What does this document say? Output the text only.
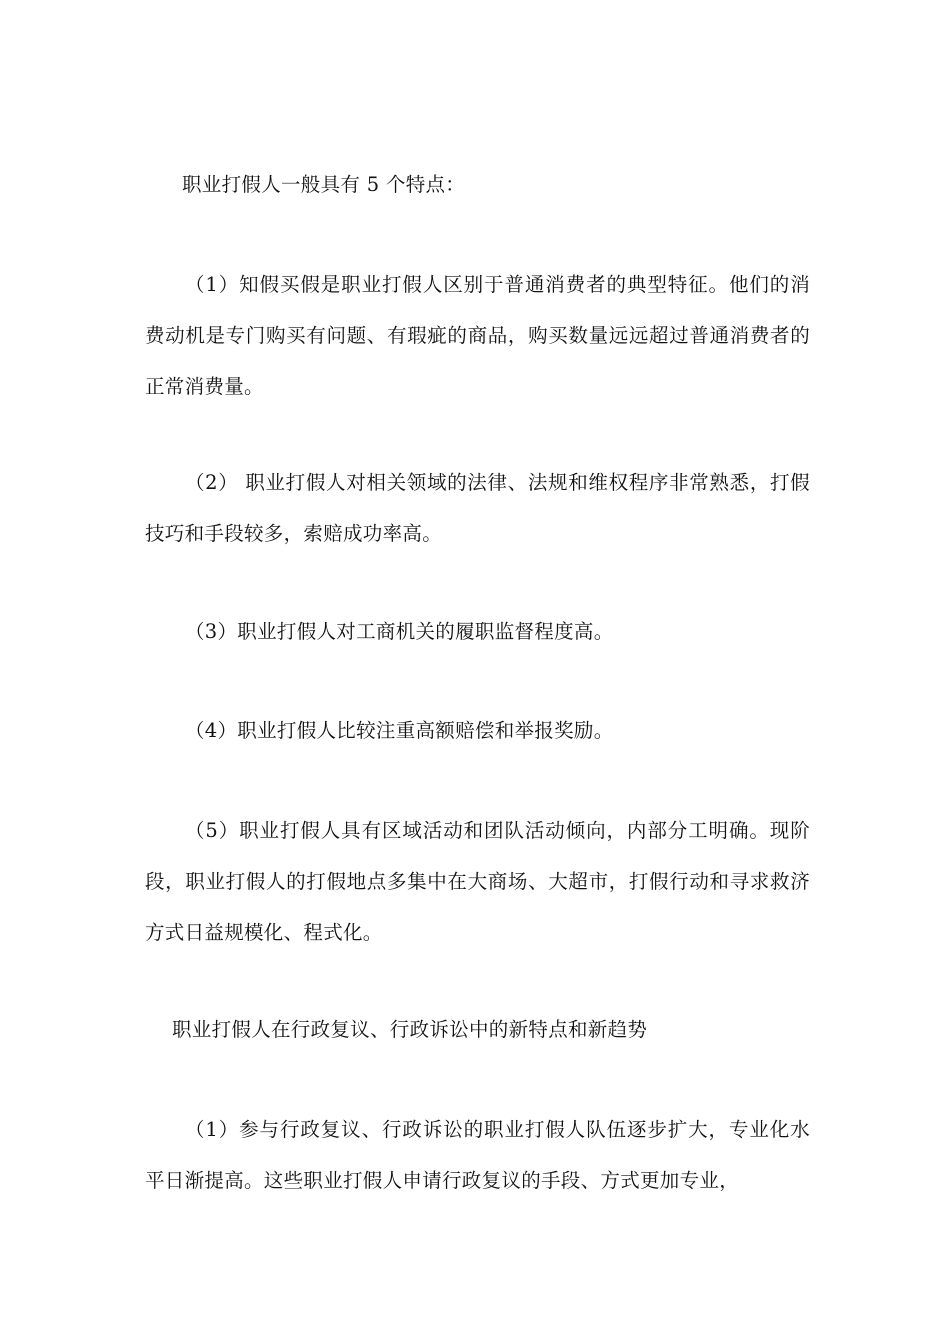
职业打假人一般具有 5 个特点：

（1）知假买假是职业打假人区别于普通消费者的典型特征。他们的消费动机是专门购买有问题、有瑕疵的商品，购买数量远远超过普通消费者的正常消费量。

（2） 职业打假人对相关领域的法律、法规和维权程序非常熟悉，打假技巧和手段较多，索赔成功率高。

（3）职业打假人对工商机关的履职监督程度高。

（4）职业打假人比较注重高额赔偿和举报奖励。

（5）职业打假人具有区域活动和团队活动倾向，内部分工明确。现阶段，职业打假人的打假地点多集中在大商场、大超市，打假行动和寻求救济方式日益规模化、程式化。

职业打假人在行政复议、行政诉讼中的新特点和新趋势

（1）参与行政复议、行政诉讼的职业打假人队伍逐步扩大，专业化水平日渐提高。这些职业打假人申请行政复议的手段、方式更加专业，
